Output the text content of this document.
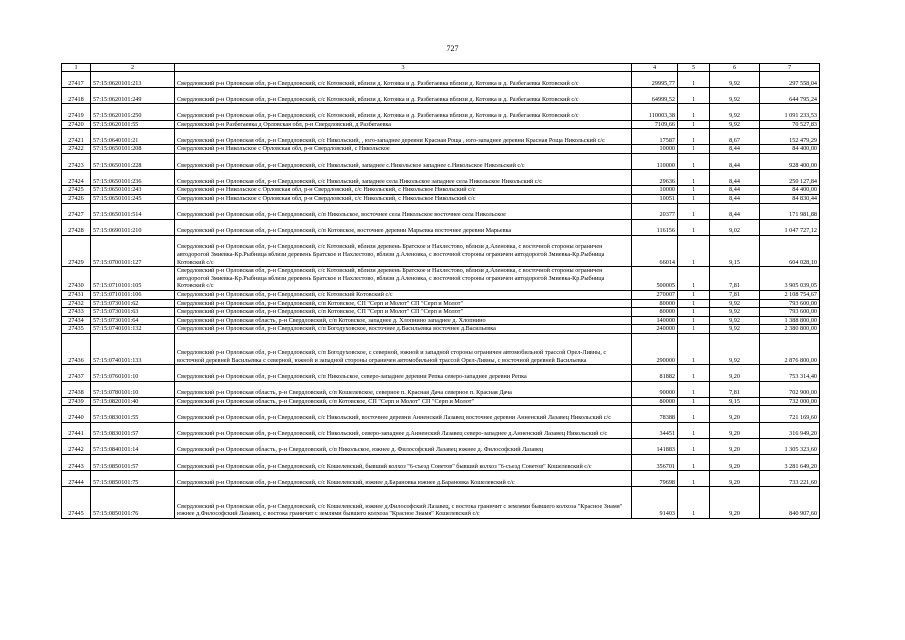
727
1	2	3	4	5	6	7
27417	57:15:0620101:213	Свердловский р-н Орловская обл, р-н Свердловский, с/с Котовский, вблизи д. Котовка и д. Разбегаевка вблизи д. Котовка и д. Разбегаевка Котовский с/с	29995,77	1	9,92	297 558,04
27418	57:15:0620101:249	Свердловский р-н Орловская обл, р-н Свердловский, с/с Котовский, вблизи д. Котовка и д. Разбегаевка вблизи д. Котовка и д. Разбегаевка Котовский с/с	64999,52	1	9,92	644 795,24
27419	57:15:0620101:250	Свердловский р-н Орловская обл, р-н Свердловский, с/с Котовский, вблизи д. Котовка и д. Разбегаевка вблизи д. Котовка и д. Разбегаевка Котовский с/с	110003,38	1	9,92	1 091 233,53
27420	57:15:0620101:55	Свердловский р-н Разбегаевка д Орловская обл, р-н Свердловский, д Разбегаевка	7109,66	1	9,92	70 527,83
27421	57:15:0640101:21	Свердловский р-н Орловская обл, р-н Свердловский, с/с Никольский, , юго-западнее деревни Красная Роща , юго-западнее деревни Красная Роща Никольский с/с	17587	1	8,67	152 479,29
27422	57:15:0650101:208	Свердловский р-н Никольское с Орловская обл, р-н Свердловский, с Никольское	10000	1	8,44	84 400,00
27423	57:15:0650101:228	Свердловский р-н Орловская обл, р-н Свердловский, с/с Никольский, западнее с.Никольское западнее с.Никольское Никольский с/с	110000	1	8,44	928 400,00
27424	57:15:0650101:236	Свердловский р-н Орловская обл, р-н Свердловский, с/с Никольский, западнее села Никольское западнее села Никольское Никольский с/с	29636	1	8,44	250 127,84
27425	57:15:0650101:243	Свердловский р-н Никольское с Орловская обл, р-н Свердловский, с/с Никольский, с Никольское Никольский с/с	10000	1	8,44	84 400,00
27426	57:15:0650101:245	Свердловский р-н Никольское с Орловская обл, р-н Свердловский, с/с Никольский, с Никольское Никольский с/с	10051	1	8,44	84 830,44
27427	57:15:0650101:514	Свердловский р-н Орловская обл, р-н Свердловский, с/п Никольское, восточнее села Никольское восточнее села Никольское	20377	1	8,44	171 981,88
27428	57:15:0690101:210	Свердловский р-н Орловская обл, р-н Свердловский, с/п Котовское, восточнее деревни Марьевка восточнее деревни Марьевка	116156	1	9,02	1 047 727,12
27429	57:15:0700101:127	Свердловский р-н Орловская обл, р-н Свердловский, с/с Котовский, вблизи деревень Братское и Нахлестово, вблизи д.Аленовка, с восточной стороны ограничен автодорогой Змиевка-Кр.Рыбница вблизи деревень Братское и Нахлестово, вблизи д.Аленовка, с восточной стороны ограничен автодорогой Змиевка-Кр.Рыбница Котовский с/с	66014	1	9,15	604 028,10
27430	57:15:0710101:105	Свердловский р-н Орловская обл, р-н Свердловский, с/с Котовский, вблизи деревень Братское и Нахлестово, вблизи д.Аленовка, с восточной стороны ограничен автодорогой Змиевка-Кр.Рыбница вблизи деревень Братское и Нахлестово, вблизи д.Аленовка, с восточной стороны ограничен автодорогой Змиевка-Кр.Рыбница Котовский с/с	500005	1	7,81	3 905 039,05
27431	57:15:0710101:106	Свердловский р-н Орловская обл, р-н Свердловский, с/с Котовский Котовский с/с	270007	1	7,81	2 108 754,67
27432	57:15:0730101:62	Свердловский р-н Орловская обл, р-н Свердловский, с/п Котовское, СП "Серп и Молот" СП "Серп и Молот"	80000	1	9,92	793 600,00
27433	57:15:0730101:63	Свердловский р-н Орловская обл, р-н Свердловский, с/п Котовское, СП "Серп и Молот" СП "Серп и Молот"	80000	1	9,92	793 600,00
27434	57:15:0730101:64	Свердловский р-н Орловская область, р-н Свердловский, с/п Котовское, западнее д. Хлопнино западнее д. Хлопнино	140000	1	9,92	1 388 800,00
27435	57:15:0740101:132	Свердловский р-н Орловская обл, р-н Свердловский, с/п Богодуховское, восточнее д.Васильевка восточнее д.Васильевка	240000	1	9,92	2 380 800,00
27436	57:15:0740101:133	Свердловский р-н Орловская обл, р-н Свердловский, с/п Богодуховское, с северной, южной и западной стороны ограничен автомобильной трассой Орел-Ливны, с восточной деревней Васильевка с северной, южной и западной стороны ограничен автомобильной трассой Орел-Ливны, с восточной деревней Васильевка	290000	1	9,92	2 876 800,00
27437	57:15:0760101:10	Свердловский р-н Орловская обл, р-н Свердловский, с/п Никольское, северо-западнее деревни Репка северо-западнее деревни Репка	81882	1	9,20	753 314,40
27438	57:15:0780101:10	Свердловский р-н Орловская область, р-н Свердловский, с/п Кошелевское, северное п. Красная Дача северное п. Красная Дача	90000	1	7,81	702 900,00
27439	57:15:0820101:40	Свердловский р-н Орловская область, р-н Свердловский, с/п Котовское, СП "Серп и Молот" СП "Серп и Молот"	80000	1	9,15	732 000,00
27440	57:15:0830101:55	Свердловский р-н Орловская обл, р-н Свердловский, с/с Никольский, восточнее деревни Анненский Лазавец восточнее деревни Анненский Лазавец Никольский с/с	78388	1	9,20	721 169,60
27441	57:15:0830101:57	Свердловский р-н Орловская обл, р-н Свердловский, с/с Никольский, северо-западнее д.Анненский Лазавец северо-западнее д.Анненский Лазавец Никольский с/с	34451	1	9,20	316 949,20
27442	57:15:0840101:14	Свердловский р-н Орловская область, р-н Свердловский, с/п Никольское, южнее д. Философский Лазавец южнее д. Философский Лазавец	141883	1	9,20	1 305 323,60
27443	57:15:0850101:57	Свердловский р-н Орловская обл, р-н Свердловский, с/с Кошелевский, бывший колхоз "6-съезд Советов" бывший колхоз "6-съезд Советов" Кошелевский с/с	356701	1	9,20	3 281 649,20
27444	57:15:0850101:75	Свердловский р-н Орловская обл, р-н Свердловский, с/с Кошелевский, южнее д.Барановка южнее д.Барановка Кошелевский с/с	79698	1	9,20	733 221,60
27445	57:15:0850101:76	Свердловский р-н Орловская обл, р-н Свердловский, с/с Кошелевский, южнее д.Философский Лазавец, с востока граничит с землями бывшего колхоза "Красное Знамя" южнее д.Философский Лазавец, с востока граничит с землями бывшего колхоза "Красное Знамя" Кошелевский с/с	91403	1	9,20	840 907,60
